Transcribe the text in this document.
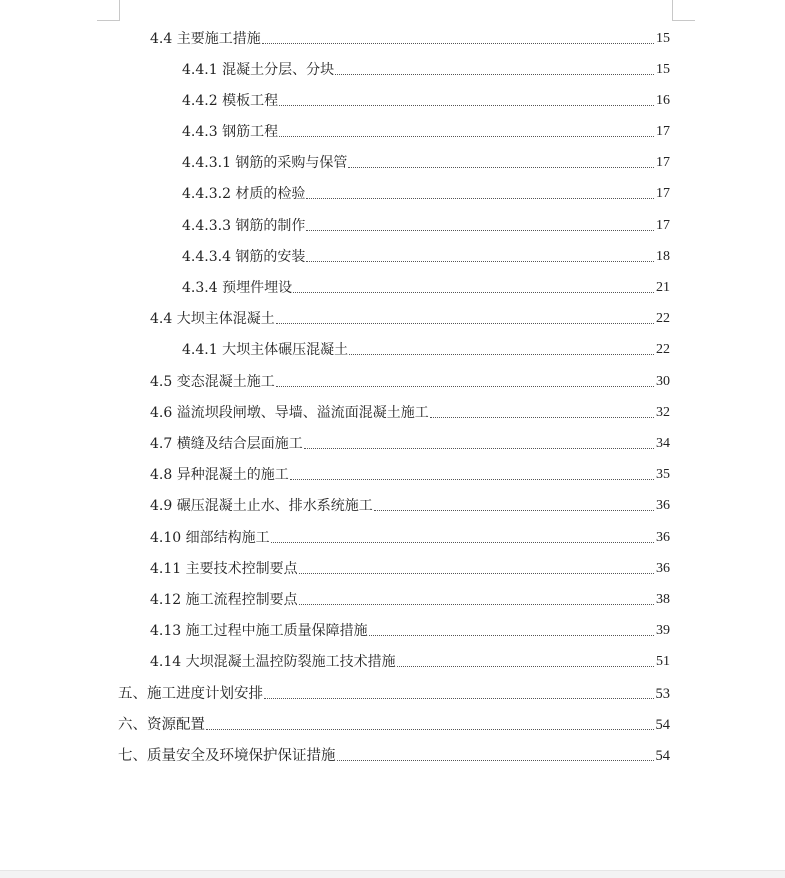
4.4 主要施工措施	15
4.4.1 混凝土分层、分块	15
4.4.2 模板工程	16
4.4.3 钢筋工程	17
4.4.3.1 钢筋的采购与保管	17
4.4.3.2 材质的检验	17
4.4.3.3 钢筋的制作	17
4.4.3.4 钢筋的安装	18
4.3.4 预埋件埋设	21
4.4 大坝主体混凝土	22
4.4.1 大坝主体碾压混凝土	22
4.5 变态混凝土施工	30
4.6 溢流坝段闸墩、导墙、溢流面混凝土施工	32
4.7 横缝及结合层面施工	34
4.8 异种混凝土的施工	35
4.9 碾压混凝土止水、排水系统施工	36
4.10 细部结构施工	36
4.11 主要技术控制要点	36
4.12 施工流程控制要点	38
4.13 施工过程中施工质量保障措施	39
4.14 大坝混凝土温控防裂施工技术措施	51
五、施工进度计划安排	53
六、资源配置	54
七、质量安全及环境保护保证措施	54
